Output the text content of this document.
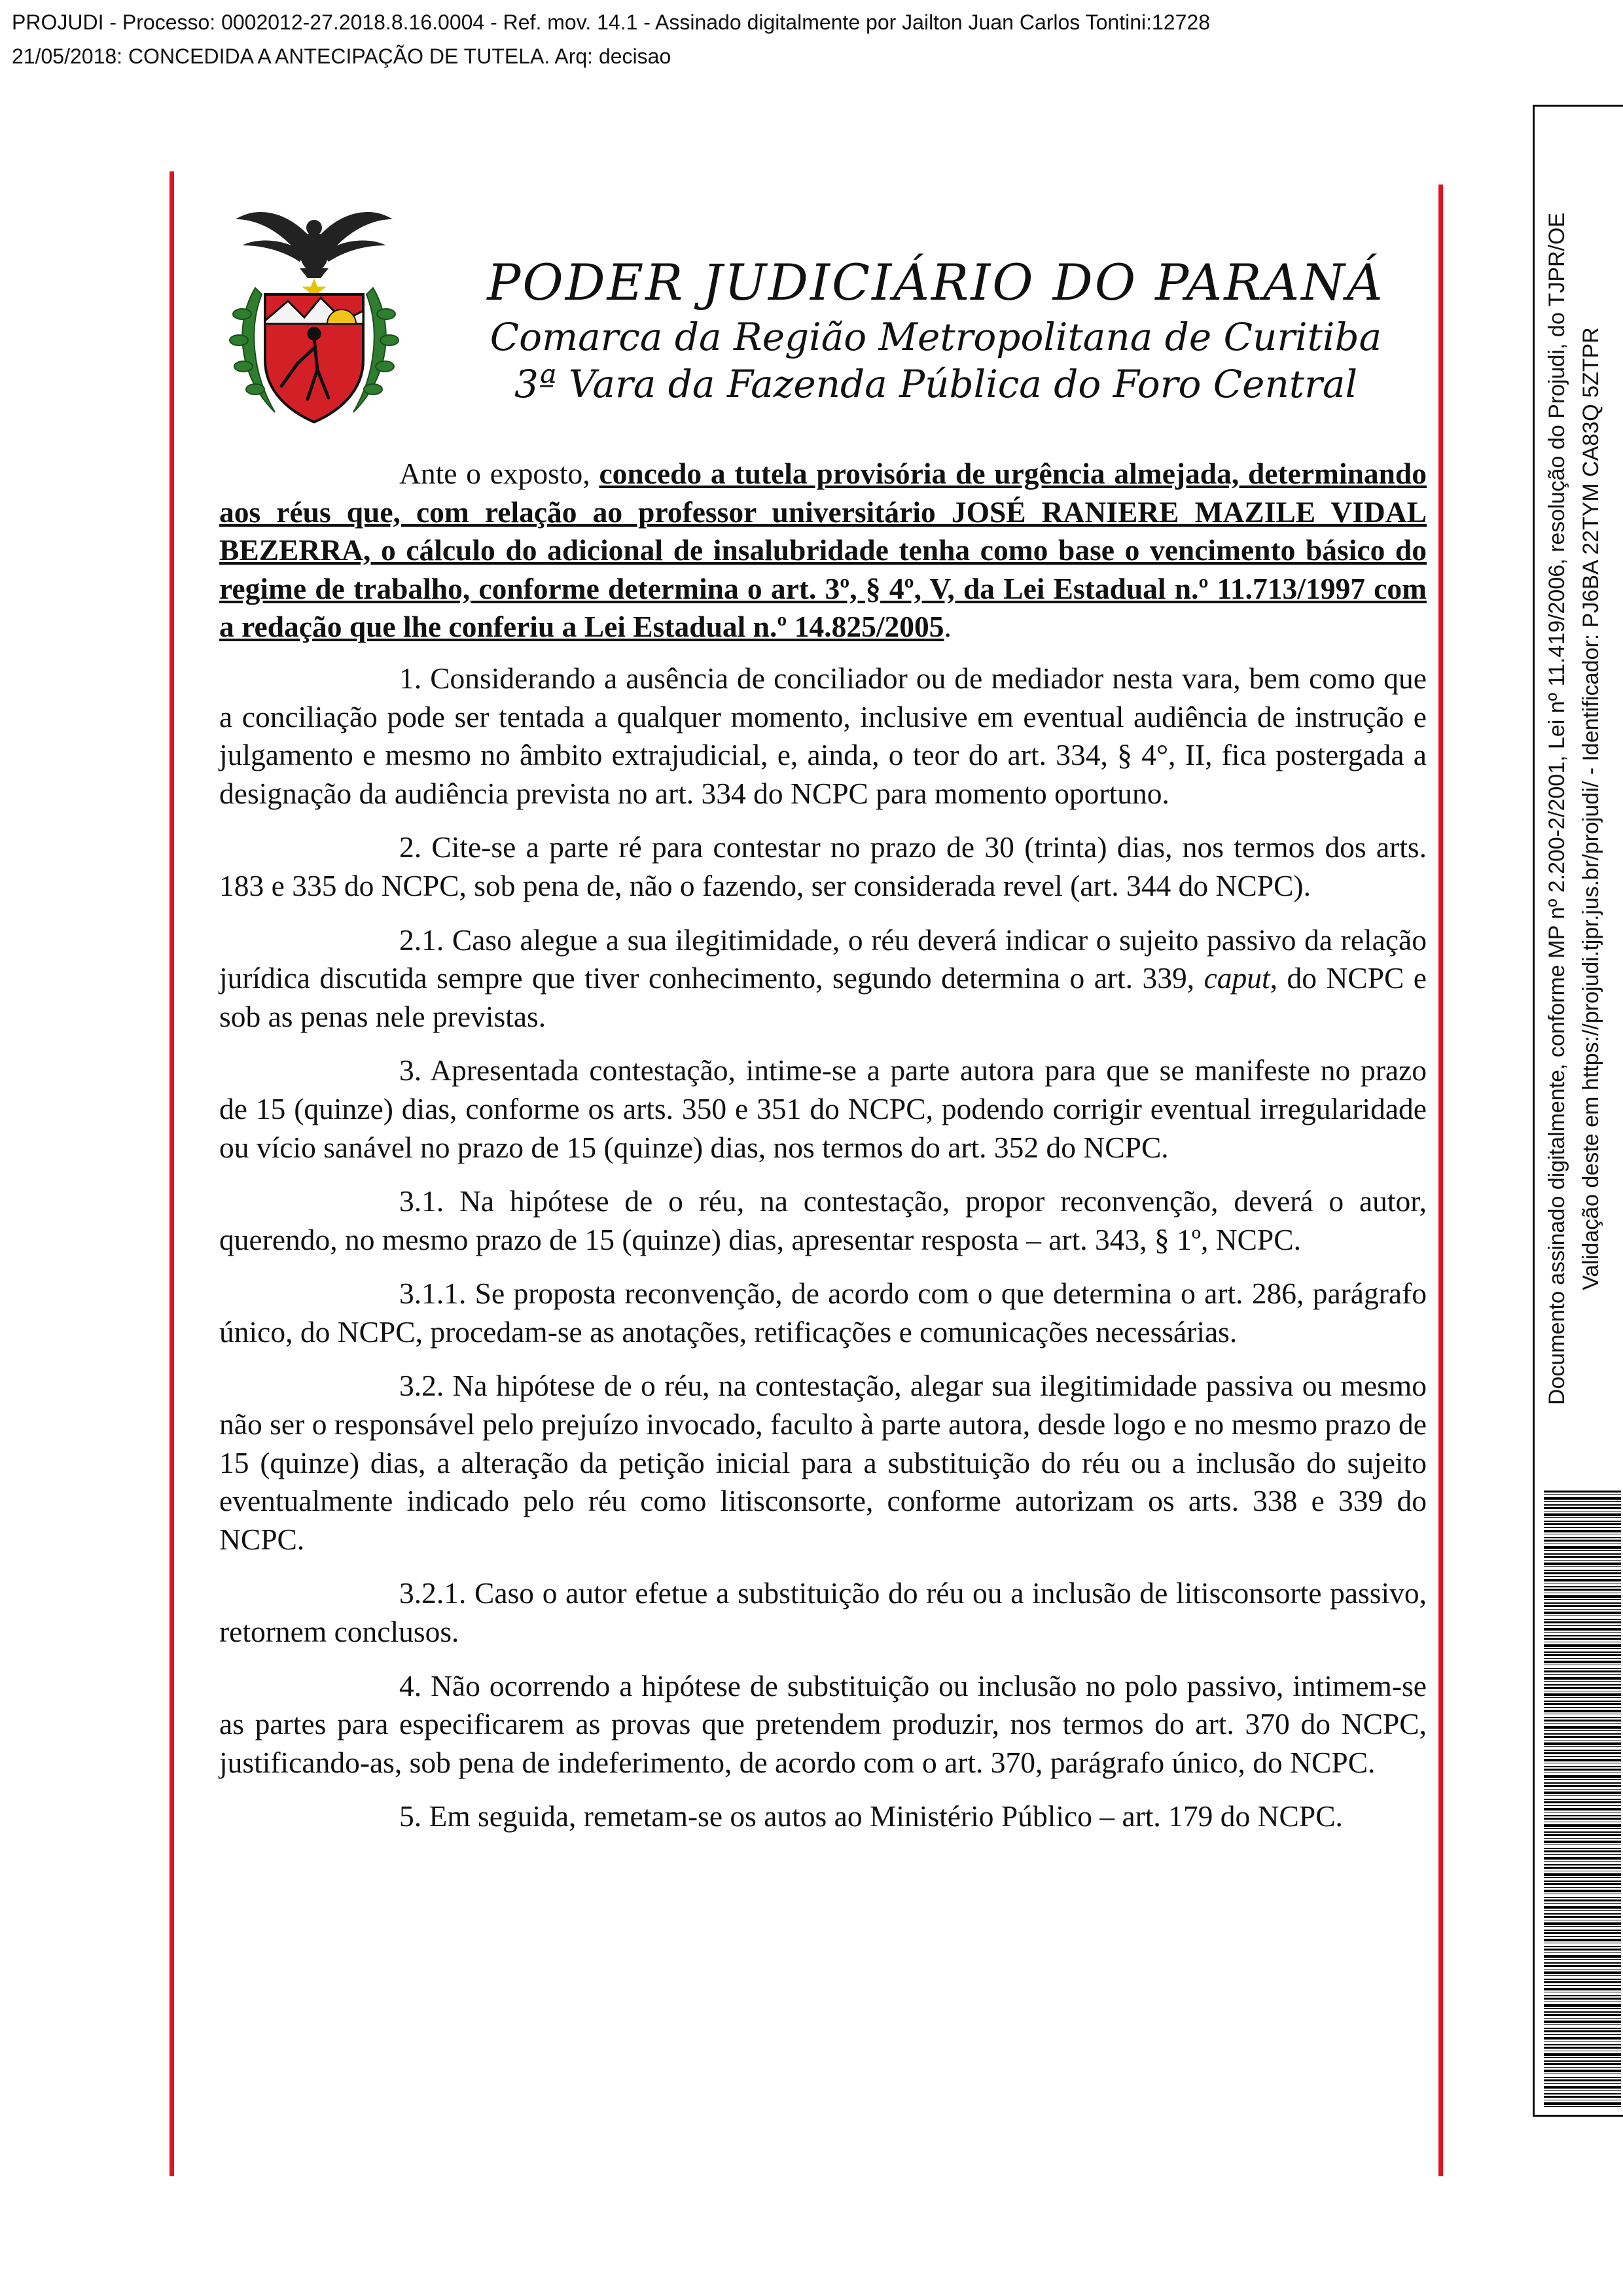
PROJUDI - Processo: 0002012-27.2018.8.16.0004 - Ref. mov. 14.1 - Assinado digitalmente por Jailton Juan Carlos Tontini:12728
21/05/2018: CONCEDIDA A ANTECIPAÇÃO DE TUTELA. Arq: decisao
PODER JUDICIÁRIO DO PARANÁ
Comarca da Região Metropolitana de Curitiba
3ª Vara da Fazenda Pública do Foro Central

Ante o exposto, concedo a tutela provisória de urgência almejada, determinando aos réus que, com relação ao professor universitário JOSÉ RANIERE MAZILE VIDAL BEZERRA, o cálculo do adicional de insalubridade tenha como base o vencimento básico do regime de trabalho, conforme determina o art. 3º, § 4º, V, da Lei Estadual n.º 11.713/1997 com a redação que lhe conferiu a Lei Estadual n.º 14.825/2005.

1. Considerando a ausência de conciliador ou de mediador nesta vara, bem como que a conciliação pode ser tentada a qualquer momento, inclusive em eventual audiência de instrução e julgamento e mesmo no âmbito extrajudicial, e, ainda, o teor do art. 334, § 4°, II, fica postergada a designação da audiência prevista no art. 334 do NCPC para momento oportuno.

2. Cite-se a parte ré para contestar no prazo de 30 (trinta) dias, nos termos dos arts. 183 e 335 do NCPC, sob pena de, não o fazendo, ser considerada revel (art. 344 do NCPC).

2.1. Caso alegue a sua ilegitimidade, o réu deverá indicar o sujeito passivo da relação jurídica discutida sempre que tiver conhecimento, segundo determina o art. 339, caput, do NCPC e sob as penas nele previstas.

3. Apresentada contestação, intime-se a parte autora para que se manifeste no prazo de 15 (quinze) dias, conforme os arts. 350 e 351 do NCPC, podendo corrigir eventual irregularidade ou vício sanável no prazo de 15 (quinze) dias, nos termos do art. 352 do NCPC.

3.1. Na hipótese de o réu, na contestação, propor reconvenção, deverá o autor, querendo, no mesmo prazo de 15 (quinze) dias, apresentar resposta – art. 343, § 1º, NCPC.

3.1.1. Se proposta reconvenção, de acordo com o que determina o art. 286, parágrafo único, do NCPC, procedam-se as anotações, retificações e comunicações necessárias.

3.2. Na hipótese de o réu, na contestação, alegar sua ilegitimidade passiva ou mesmo não ser o responsável pelo prejuízo invocado, faculto à parte autora, desde logo e no mesmo prazo de 15 (quinze) dias, a alteração da petição inicial para a substituição do réu ou a inclusão do sujeito eventualmente indicado pelo réu como litisconsorte, conforme autorizam os arts. 338 e 339 do NCPC.

3.2.1. Caso o autor efetue a substituição do réu ou a inclusão de litisconsorte passivo, retornem conclusos.

4. Não ocorrendo a hipótese de substituição ou inclusão no polo passivo, intimem-se as partes para especificarem as provas que pretendem produzir, nos termos do art. 370 do NCPC, justificando-as, sob pena de indeferimento, de acordo com o art. 370, parágrafo único, do NCPC.

5. Em seguida, remetam-se os autos ao Ministério Público – art. 179 do NCPC.

Documento assinado digitalmente, conforme MP nº 2.200-2/2001, Lei nº 11.419/2006, resolução do Projudi, do TJPR/OE Validação deste em https://projudi.tjpr.jus.br/projudi/ - Identificador: PJ6BA 22TYM CA83Q 5ZTPR
